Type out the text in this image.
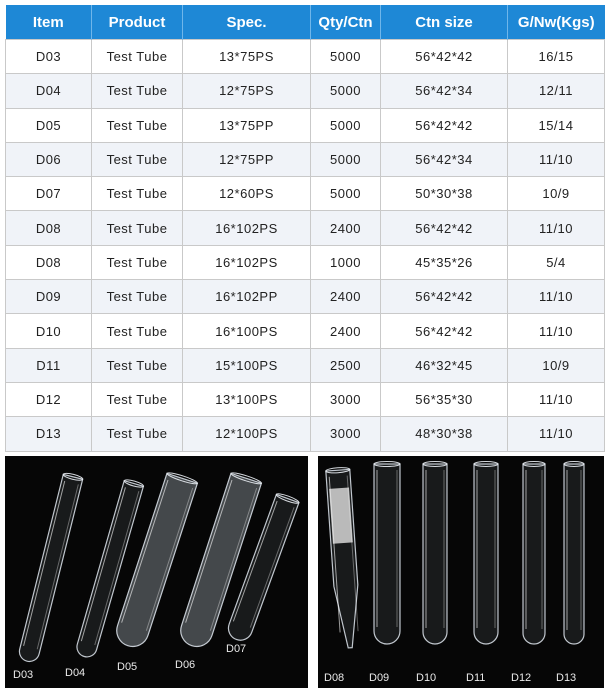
Item	Product	Spec.	Qty/Ctn	Ctn size	G/Nw(Kgs)
D03	Test Tube	13*75PS	5000	56*42*42	16/15
D04	Test Tube	12*75PS	5000	56*42*34	12/11
D05	Test Tube	13*75PP	5000	56*42*42	15/14
D06	Test Tube	12*75PP	5000	56*42*34	11/10
D07	Test Tube	12*60PS	5000	50*30*38	10/9
D08	Test Tube	16*102PS	2400	56*42*42	11/10
D08	Test Tube	16*102PS	1000	45*35*26	5/4
D09	Test Tube	16*102PP	2400	56*42*42	11/10
D10	Test Tube	16*100PS	2400	56*42*42	11/10
D11	Test Tube	15*100PS	2500	46*32*45	10/9
D12	Test Tube	13*100PS	3000	56*35*30	11/10
D13	Test Tube	12*100PS	3000	48*30*38	11/10
D03	D04	D05	D06
D07
D08 D09 D10	D11 D12 D13
